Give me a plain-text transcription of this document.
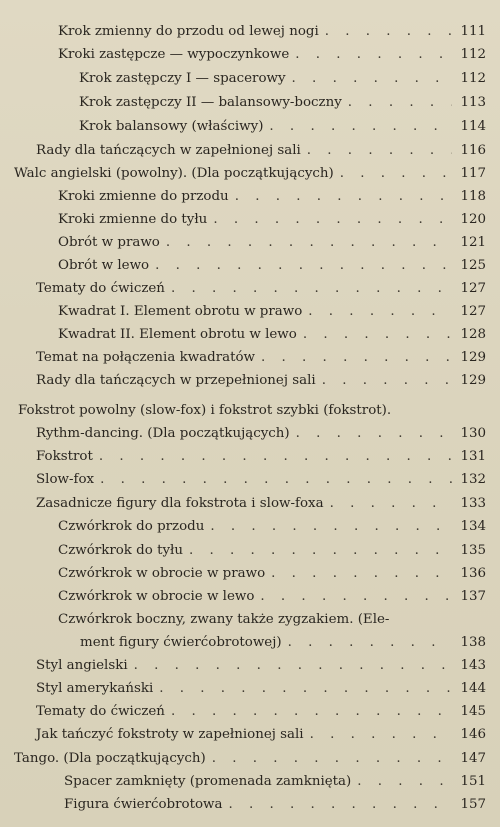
Krok zmienny do przodu od lewej nogi . . .	111
Kroki zastępcze — wypoczynkowe . . .	112
Krok zastępczy I — spacerowy . . .	112
Krok zastępczy II — balansowy-boczny . . .	113
Krok balansowy (właściwy) . . .	114
Rady dla tańczących w zapełnionej sali . . .	116
Walc angielski (powolny). (Dla początkujących) . . .	117
Kroki zmienne do przodu . . .	118
Kroki zmienne do tyłu . . .	120
Obrót w prawo . . .	121
Obrót w lewo . . .	125
Tematy do ćwiczeń . . .	127
Kwadrat I. Element obrotu w prawo . . .	127
Kwadrat II. Element obrotu w lewo . . .	128
Temat na połączenia kwadratów . . .	129
Rady dla tańczących w przepełnionej sali . . .	129
Fokstrot powolny (slow-fox) i fokstrot szybki (fokstrot).
Rythm-dancing. (Dla początkujących) . . .	130
Fokstrot . . .	131
Slow-fox . . .	132
Zasadnicze figury dla fokstrota i slow-foxa . . .	133
Czwórkrok do przodu . . .	134
Czwórkrok do tyłu . . .	135
Czwórkrok w obrocie w prawo . . .	136
Czwórkrok w obrocie w lewo . . .	137
Czwórkrok boczny, zwany także zygzakiem. (Ele-
ment figury ćwierćobrotowej) . . .	138
Styl angielski . . .	143
Styl amerykański . . .	144
Tematy do ćwiczeń . . .	145
Jak tańczyć fokstroty w zapełnionej sali . . .	146
Tango. (Dla początkujących) . . .	147
Spacer zamknięty (promenada zamknięta) . . .	151
Figura ćwierćobrotowa . . .	157
